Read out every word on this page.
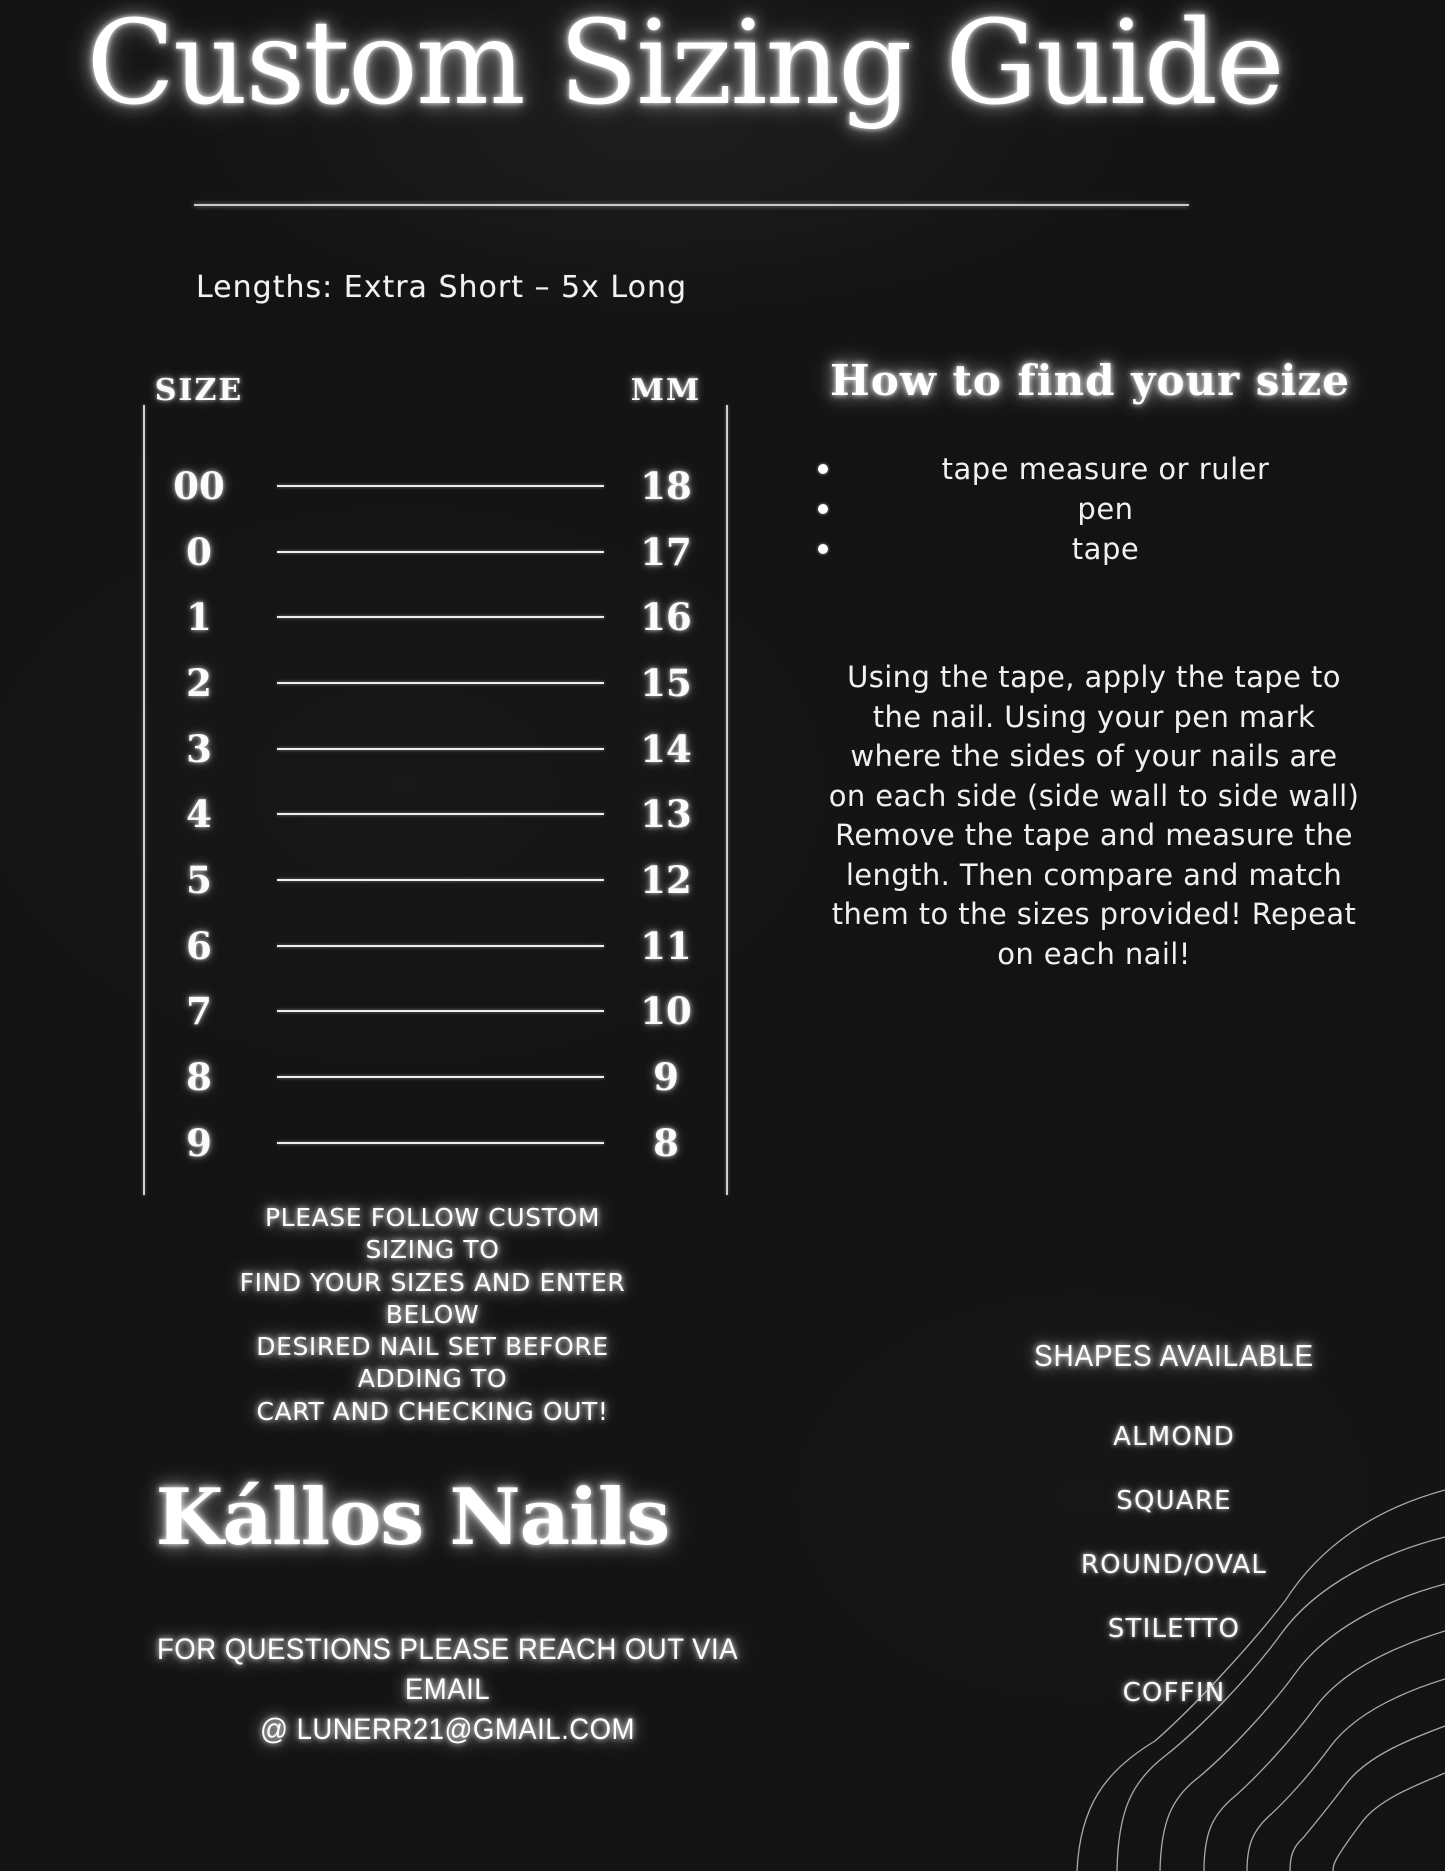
Custom Sizing Guide
Lengths: Extra Short – 5x Long
SIZE	MM
00	18
0	17
1	16
2	15
3	14
4	13
5	12
6	11
7	10
8	9
9	8
How to find your size
tape measure or ruler
pen
tape
Using the tape, apply the tape to
the nail. Using your pen mark
where the sides of your nails are
on each side (side wall to side wall)
Remove the tape and measure the
length. Then compare and match
them to the sizes provided! Repeat
on each nail!
PLEASE FOLLOW CUSTOM
SIZING TO
FIND YOUR SIZES AND ENTER
BELOW
DESIRED NAIL SET BEFORE
ADDING TO
CART AND CHECKING OUT!
Kállos Nails
FOR QUESTIONS PLEASE REACH OUT VIA EMAIL
@ LUNERR21@GMAIL.COM
SHAPES AVAILABLE
ALMOND
SQUARE
ROUND/OVAL
STILETTO
COFFIN
